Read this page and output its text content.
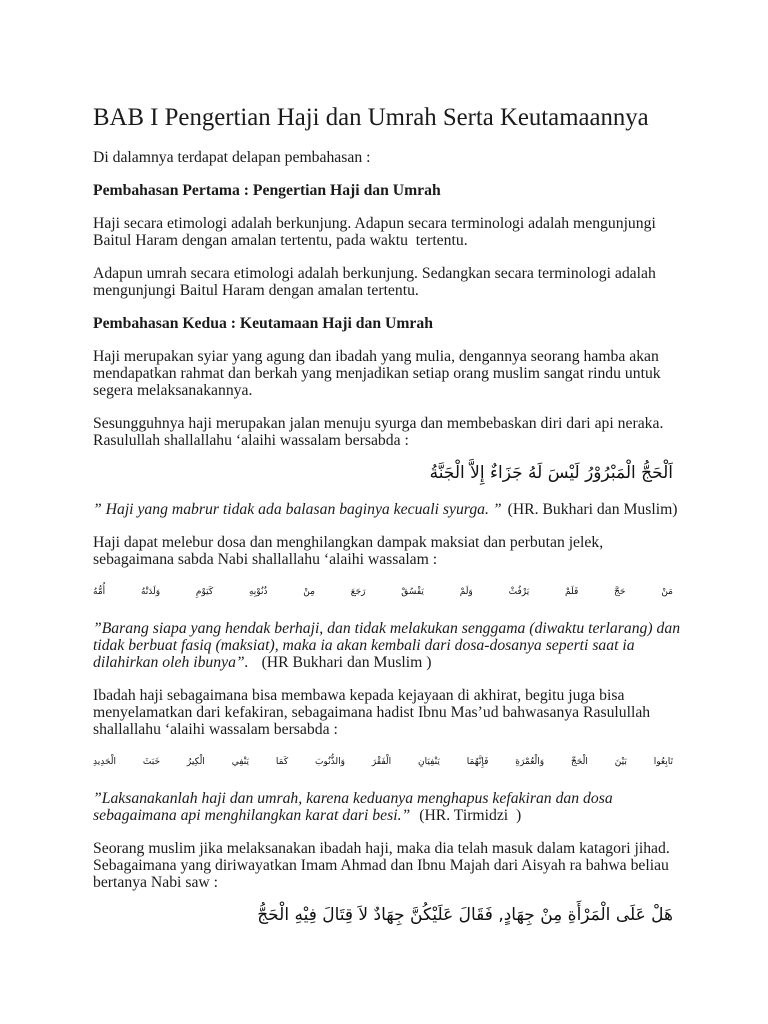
BAB I Pengertian Haji dan Umrah Serta Keutamaannya
Di dalamnya terdapat delapan pembahasan :
Pembahasan Pertama : Pengertian Haji dan Umrah
Haji secara etimologi adalah berkunjung. Adapun secara terminologi adalah mengunjungi
Baitul Haram dengan amalan tertentu, pada waktu  tertentu.
Adapun umrah secara etimologi adalah berkunjung. Sedangkan secara terminologi adalah
mengunjungi Baitul Haram dengan amalan tertentu.
Pembahasan Kedua : Keutamaan Haji dan Umrah
Haji merupakan syiar yang agung dan ibadah yang mulia, dengannya seorang hamba akan
mendapatkan rahmat dan berkah yang menjadikan setiap orang muslim sangat rindu untuk
segera melaksanakannya.
Sesungguhnya haji merupakan jalan menuju syurga dan membebaskan diri dari api neraka.
Rasulullah shallallahu ‘alaihi wassalam bersabda :
اَلْحَجُّ الْمَبْرُوْرُ لَيْسَ لَهُ جَزَاءٌ إِلاَّ الْجَنَّةُ
” Haji yang mabrur tidak ada balasan baginya kecuali syurga. ” (HR. Bukhari dan Muslim)
Haji dapat melebur dosa dan menghilangkan dampak maksiat dan perbutan jelek,
sebagaimana sabda Nabi shallallahu ‘alaihi wassalam :
مَنْ حَجَّ فَلَمْ يَرْفُثْ وَلَمْ يَفْسُقْ رَجَعَ مِنْ ذُنُوْبِهِ كَيَوْمِ وَلَدَتْهُ أُمُّهُ
”Barang siapa yang hendak berhaji, dan tidak melakukan senggama (diwaktu terlarang) dan
tidak berbuat fasiq (maksiat), maka ia akan kembali dari dosa-dosanya seperti saat ia
dilahirkan oleh ibunya”. (HR Bukhari dan Muslim )
Ibadah haji sebagaimana bisa membawa kepada kejayaan di akhirat, begitu juga bisa
menyelamatkan dari kefakiran, sebagaimana hadist Ibnu Mas’ud bahwasanya Rasulullah
shallallahu ‘alaihi wassalam bersabda :
تَابِعُوا بَيْنَ الْحَجِّ وَالْعُمْرَةِ فَإِنَّهُمَا يَنْفِيَانِ الْفَقْرَ وَالذُّنُوبَ كَمَا يَنْفِي الْكِيرُ خَبَثَ الْحَدِيدِ
”Laksanakanlah haji dan umrah, karena keduanya menghapus kefakiran dan dosa
sebagaimana api menghilangkan karat dari besi.” (HR. Tirmidzi  )
Seorang muslim jika melaksanakan ibadah haji, maka dia telah masuk dalam katagori jihad.
Sebagaimana yang diriwayatkan Imam Ahmad dan Ibnu Majah dari Aisyah ra bahwa beliau
bertanya Nabi saw :
هَلْ عَلَى الْمَرْأَةِ مِنْ جِهَادٍ, فَقَالَ عَلَيْكُنَّ جِهَادٌ لاَ قِتَالَ فِيْهِ الْحَجُّ
